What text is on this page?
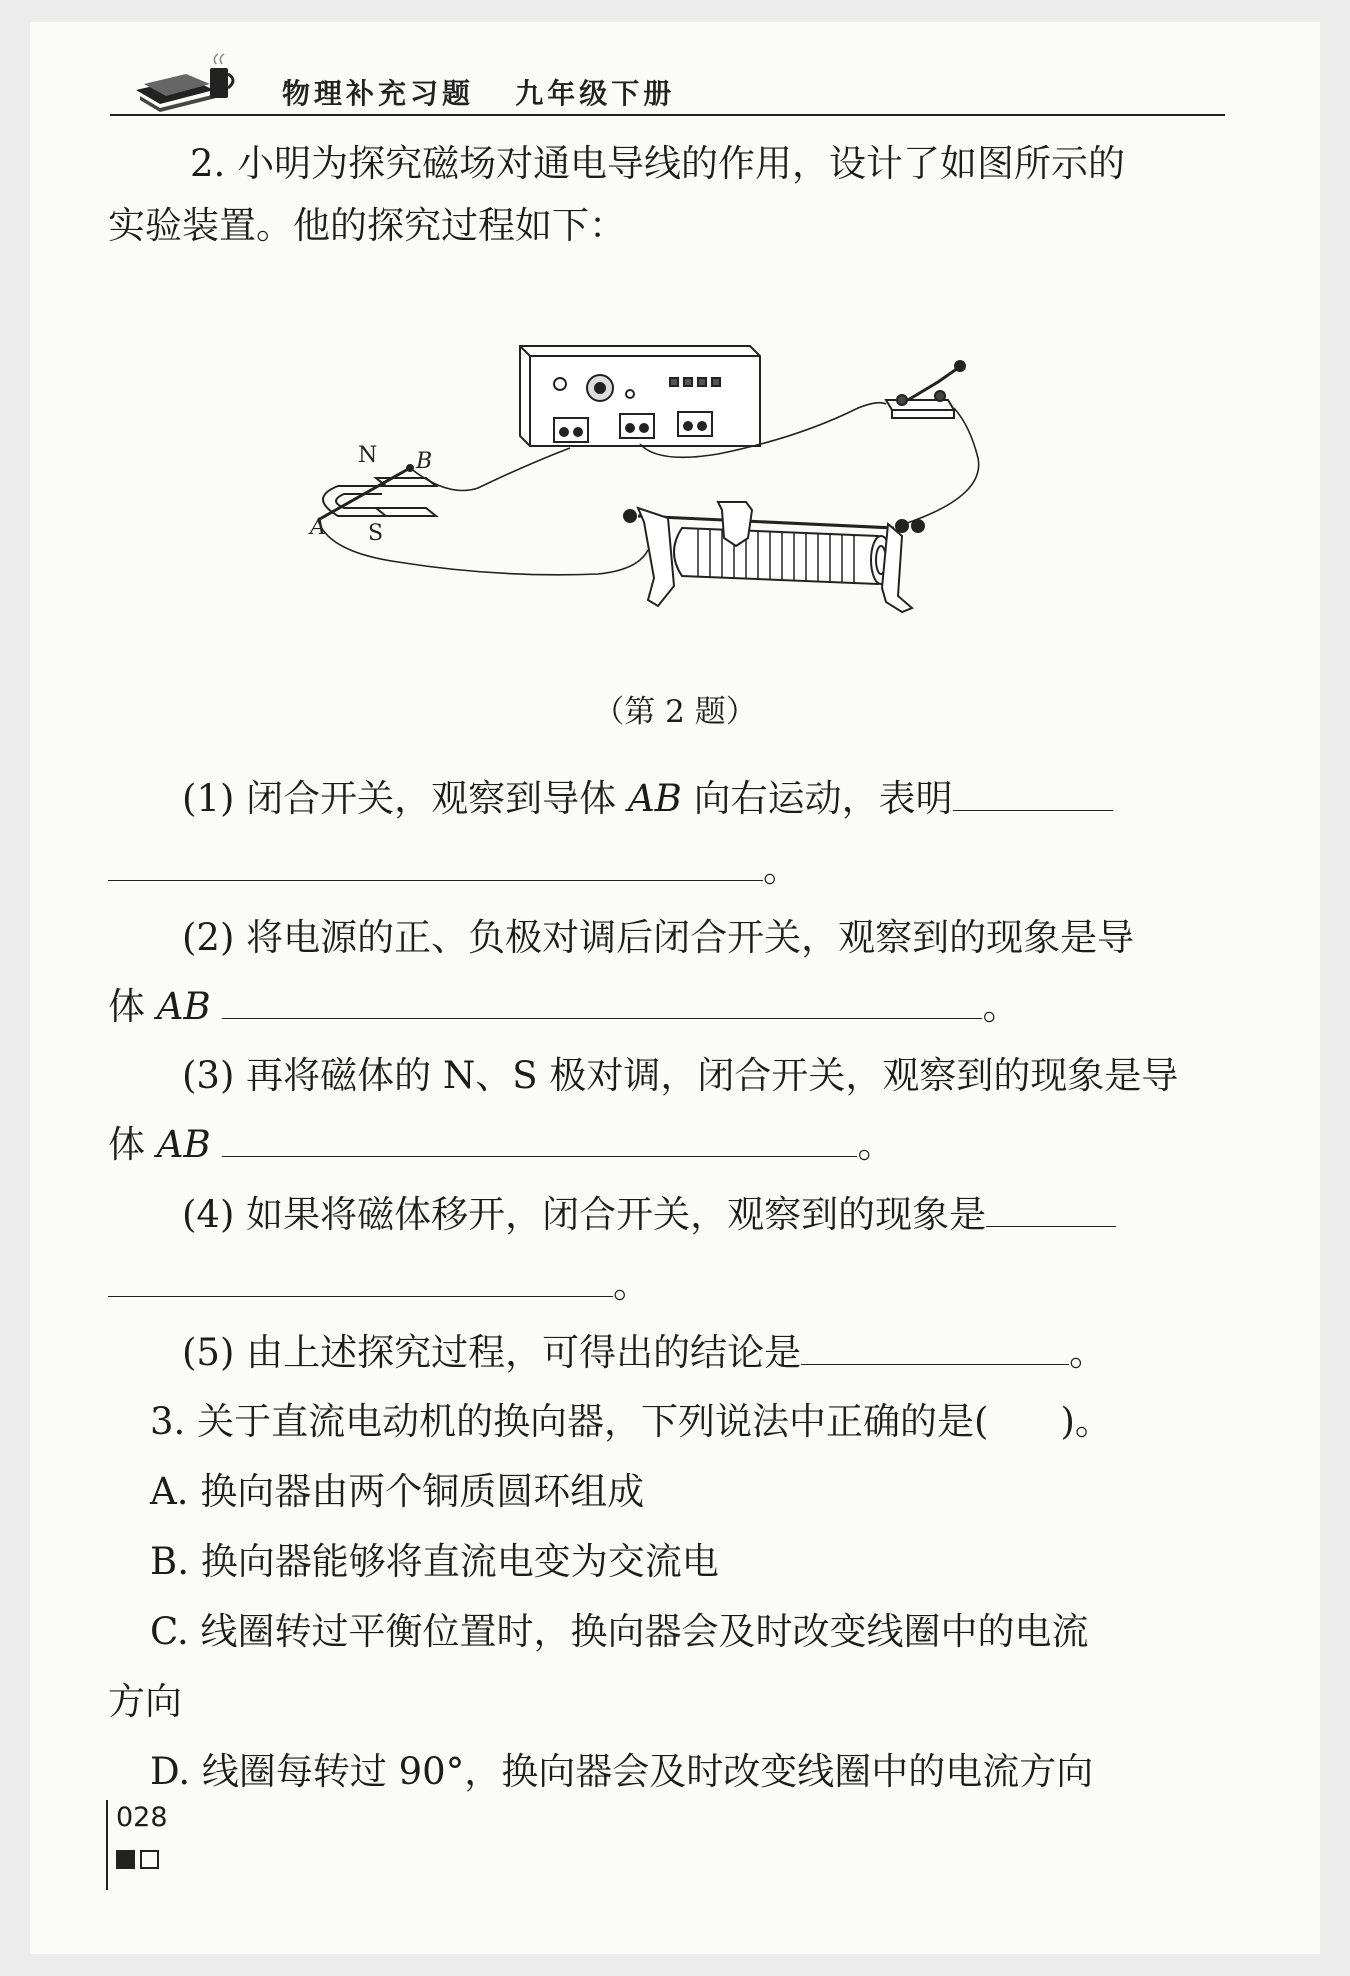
物理补充习题 九年级下册
2. 小明为探究磁场对通电导线的作用，设计了如图所示的
实验装置。他的探究过程如下：
N
S
A
B
（第 2 题）
(1) 闭合开关，观察到导体 AB 向右运动，表明
。
(2) 将电源的正、负极对调后闭合开关，观察到的现象是导
体 AB	。
(3) 再将磁体的 N、S 极对调，闭合开关，观察到的现象是导
体 AB	。
(4) 如果将磁体移开，闭合开关，观察到的现象是
。
(5) 由上述探究过程，可得出的结论是	。
3. 关于直流电动机的换向器，下列说法中正确的是( )。
A. 换向器由两个铜质圆环组成
B. 换向器能够将直流电变为交流电
C. 线圈转过平衡位置时，换向器会及时改变线圈中的电流
方向
D. 线圈每转过 90°，换向器会及时改变线圈中的电流方向
028
